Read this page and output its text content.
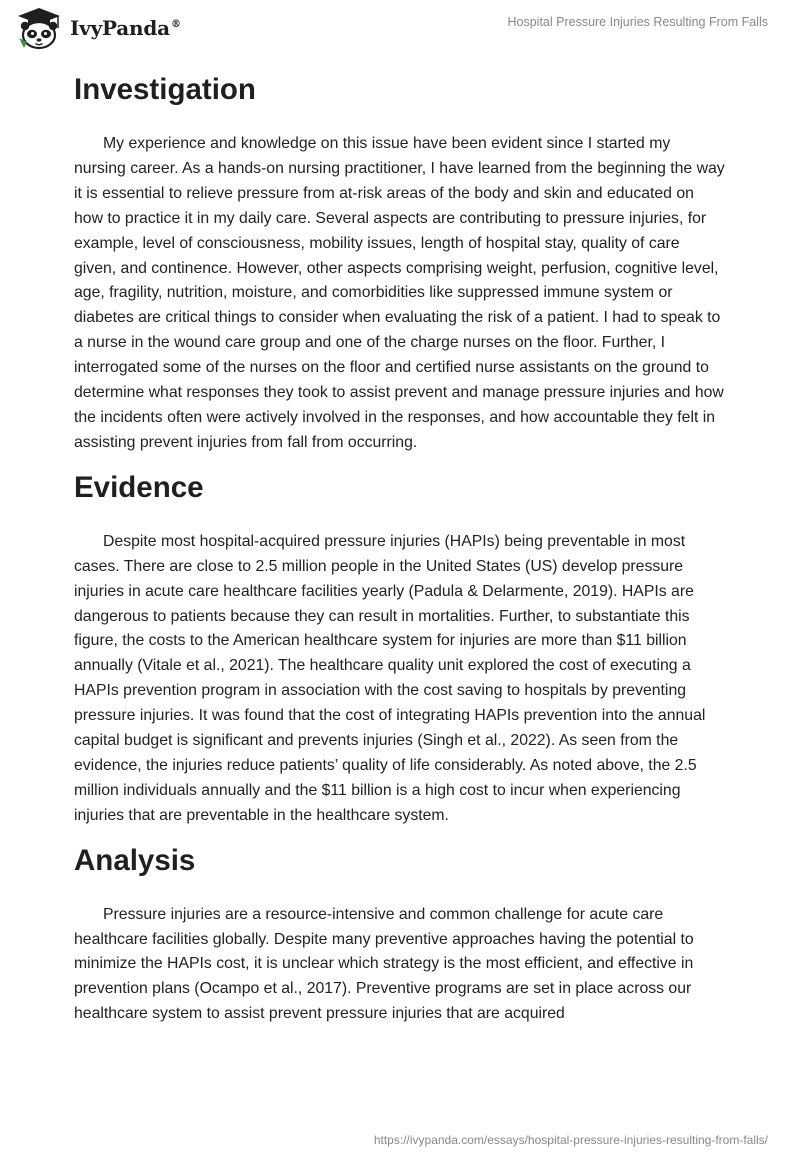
IvyPanda®	Hospital Pressure Injuries Resulting From Falls
Investigation

My experience and knowledge on this issue have been evident since I started my nursing career. As a hands-on nursing practitioner, I have learned from the beginning the way it is essential to relieve pressure from at-risk areas of the body and skin and educated on how to practice it in my daily care. Several aspects are contributing to pressure injuries, for example, level of consciousness, mobility issues, length of hospital stay, quality of care given, and continence. However, other aspects comprising weight, perfusion, cognitive level, age, fragility, nutrition, moisture, and comorbidities like suppressed immune system or diabetes are critical things to consider when evaluating the risk of a patient. I had to speak to a nurse in the wound care group and one of the charge nurses on the floor. Further, I interrogated some of the nurses on the floor and certified nurse assistants on the ground to determine what responses they took to assist prevent and manage pressure injuries and how the incidents often were actively involved in the responses, and how accountable they felt in assisting prevent injuries from fall from occurring.

Evidence

Despite most hospital-acquired pressure injuries (HAPIs) being preventable in most cases. There are close to 2.5 million people in the United States (US) develop pressure injuries in acute care healthcare facilities yearly (Padula & Delarmente, 2019). HAPIs are dangerous to patients because they can result in mortalities. Further, to substantiate this figure, the costs to the American healthcare system for injuries are more than $11 billion annually (Vitale et al., 2021). The healthcare quality unit explored the cost of executing a HAPIs prevention program in association with the cost saving to hospitals by preventing pressure injuries. It was found that the cost of integrating HAPIs prevention into the annual capital budget is significant and prevents injuries (Singh et al., 2022). As seen from the evidence, the injuries reduce patients’ quality of life considerably. As noted above, the 2.5 million individuals annually and the $11 billion is a high cost to incur when experiencing injuries that are preventable in the healthcare system.

Analysis

Pressure injuries are a resource-intensive and common challenge for acute care healthcare facilities globally. Despite many preventive approaches having the potential to minimize the HAPIs cost, it is unclear which strategy is the most efficient, and effective in prevention plans (Ocampo et al., 2017). Preventive programs are set in place across our healthcare system to assist prevent pressure injuries that are acquired

https://ivypanda.com/essays/hospital-pressure-injuries-resulting-from-falls/
